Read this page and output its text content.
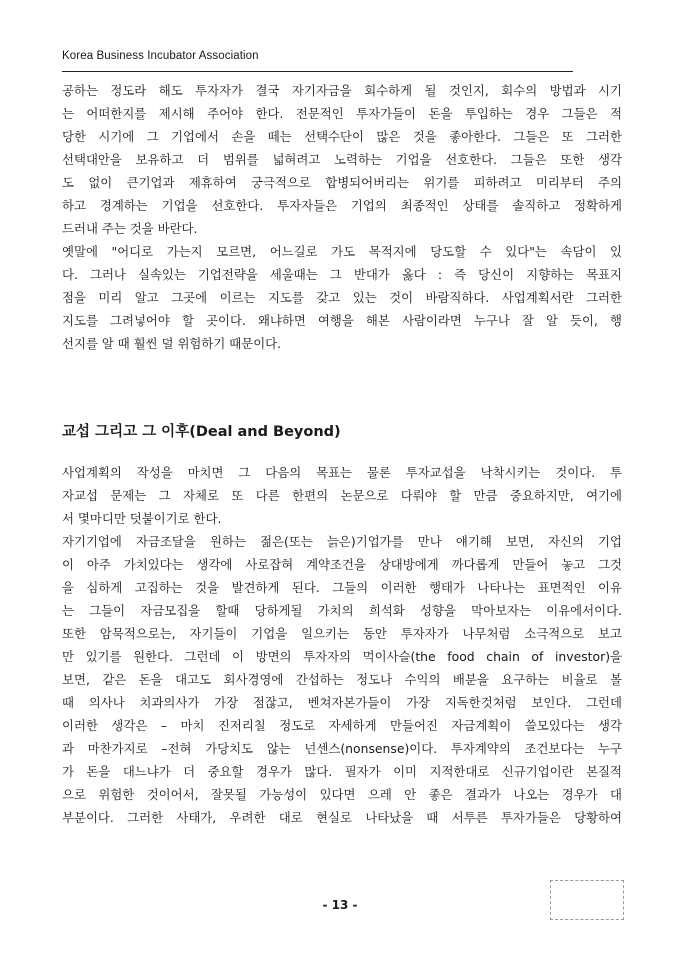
Korea Business Incubator Association
공하는 정도라 해도 투자자가 결국 자기자금을 회수하게 될 것인지, 회수의 방법과 시기
는 어떠한지를 제시해 주어야 한다. 전문적인 투자가들이 돈을 투입하는 경우 그들은 적
당한 시기에 그 기업에서 손을 떼는 선택수단이 많은 것을 좋아한다. 그들은 또 그러한
선택대안을 보유하고 더 범위를 넓혀려고 노력하는 기업을 선호한다. 그들은 또한 생각
도 없이 큰기업과 제휴하여 궁극적으로 합병되어버리는 위기를 피하려고 미리부터 주의
하고 경계하는 기업을 선호한다. 투자자들은 기업의 최종적인 상태를 솔직하고 정확하게
드러내 주는 것을 바란다.
옛말에 "어디로 가는지 모르면, 어느길로 가도 목적지에 당도할 수 있다"는 속담이 있
다. 그러나 실속있는 기업전략을 세울때는 그 반대가 옳다 : 즉 당신이 지향하는 목표지
점을 미리 알고 그곳에 이르는 지도를 갖고 있는 것이 바람직하다. 사업계획서란 그러한
지도를 그려넣어야 할 곳이다. 왜냐하면 여행을 해본 사람이라면 누구나 잘 알 듯이, 행
선지를 알 때 훨씬 덜 위험하기 때문이다.
교섭 그리고 그 이후(Deal and Beyond)
사업계획의 작성을 마치면 그 다음의 목표는 물론 투자교섭을 낙착시키는 것이다. 투
자교섭 문제는 그 자체로 또 다른 한편의 논문으로 다뤄야 할 만큼 중요하지만, 여기에
서 몇마디만 덧붙이기로 한다.
자기기업에 자금조달을 원하는 젊은(또는 늙은)기업가를 만나 얘기해 보면, 자신의 기업
이 아주 가치있다는 생각에 사로잡혀 계약조건을 상대방에게 까다롭게 만들어 놓고 그것
을 심하게 고집하는 것을 발견하게 된다. 그들의 이러한 행태가 나타나는 표면적인 이유
는 그들이 자금모집을 할때 당하게될 가치의 희석화 성향을 막아보자는 이유에서이다.
또한 암묵적으로는, 자기들이 기업을 일으키는 동안 투자자가 나무처럼 소극적으로 보고
만 있기를 원한다. 그런데 이 방면의 투자자의 먹이사슬(the food chain of investor)을
보면, 같은 돈을 대고도 회사경영에 간섭하는 정도나 수익의 배분을 요구하는 비율로 볼
때 의사나 치과의사가 가장 점잖고, 벤쳐자본가들이 가장 지독한것처럼 보인다. 그런데
이러한 생각은 – 마치 진저리칠 정도로 자세하게 만들어진 자금계획이 쓸모있다는 생각
과 마찬가지로 –전혀 가당치도 않는 넌센스(nonsense)이다. 투자계약의 조건보다는 누구
가 돈을 대느냐가 더 중요할 경우가 많다. 필자가 이미 지적한대로 신규기업이란 본질적
으로 위험한 것이어서, 잘못될 가능성이 있다면 으레 안 좋은 결과가 나오는 경우가 대
부분이다. 그러한 사태가, 우려한 대로 현실로 나타났을 때 서투른 투자가들은 당황하여
- 13 -
